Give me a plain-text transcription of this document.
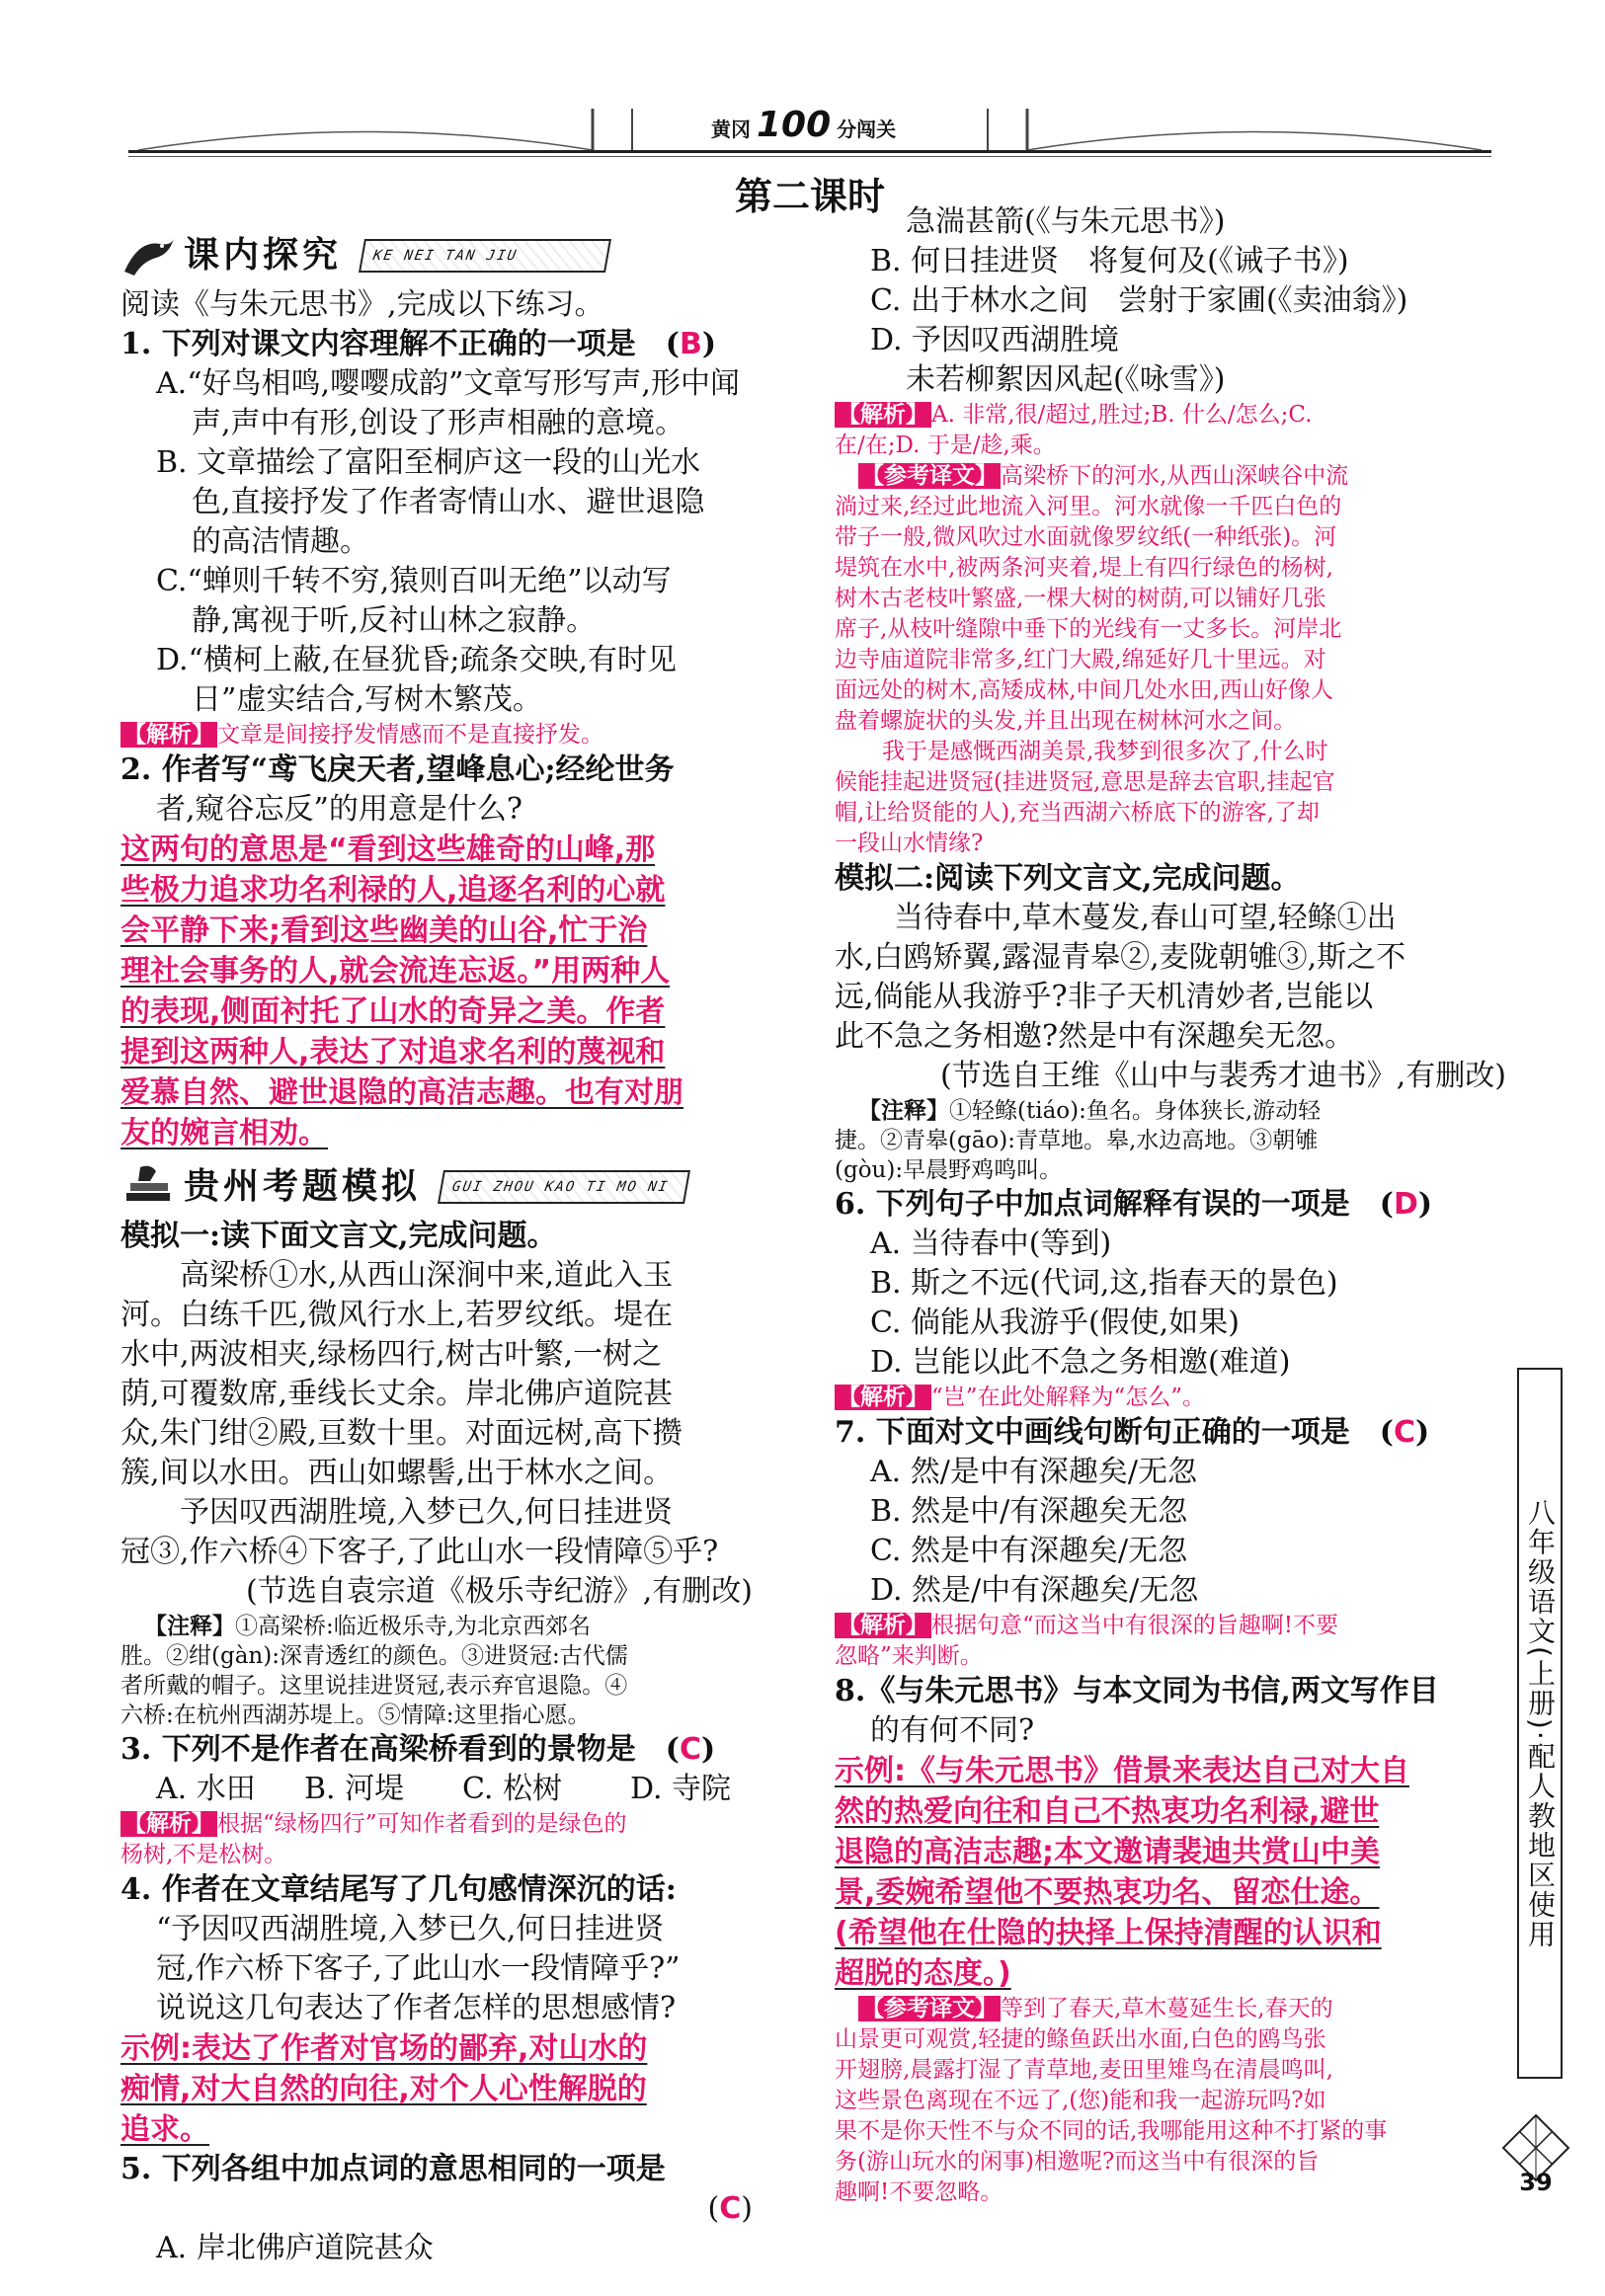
黄冈 100 分闯关
第二课时
课内探究	KE NEI TAN JIU
阅读《与朱元思书》,完成以下练习。
1. 下列对课文内容理解不正确的一项是　(B)
A.“好鸟相鸣,嘤嘤成韵”文章写形写声,形中闻
声,声中有形,创设了形声相融的意境。
B. 文章描绘了富阳至桐庐这一段的山光水
色,直接抒发了作者寄情山水、避世退隐
的高洁情趣。
C.“蝉则千转不穷,猿则百叫无绝”以动写
静,寓视于听,反衬山林之寂静。
D.“横柯上蔽,在昼犹昏;疏条交映,有时见
日”虚实结合,写树木繁茂。
【解析】 文章是间接抒发情感而不是直接抒发。
2. 作者写“鸢飞戾天者,望峰息心;经纶世务
者,窥谷忘反”的用意是什么?
这两句的意思是“看到这些雄奇的山峰,那
些极力追求功名利禄的人,追逐名利的心就
会平静下来;看到这些幽美的山谷,忙于治
理社会事务的人,就会流连忘返。”用两种人
的表现,侧面衬托了山水的奇异之美。作者
提到这两种人,表达了对追求名利的蔑视和
爱慕自然、避世退隐的高洁志趣。也有对朋
友的婉言相劝。
贵州考题模拟	GUI ZHOU KAO TI MO NI
模拟一:读下面文言文,完成问题。
高梁桥①水,从西山深涧中来,道此入玉
河。白练千匹,微风行水上,若罗纹纸。堤在
水中,两波相夹,绿杨四行,树古叶繁,一树之
荫,可覆数席,垂线长丈余。岸北佛庐道院甚
众,朱门绀②殿,亘数十里。对面远树,高下攒
簇,间以水田。西山如螺髻,出于林水之间。
予因叹西湖胜境,入梦已久,何日挂进贤
冠③,作六桥④下客子,了此山水一段情障⑤乎?
(节选自袁宗道《极乐寺纪游》,有删改)
【注释】①高梁桥:临近极乐寺,为北京西郊名
胜。②绀(gàn):深青透红的颜色。③进贤冠:古代儒
者所戴的帽子。这里说挂进贤冠,表示弃官退隐。④
六桥:在杭州西湖苏堤上。⑤情障:这里指心愿。
3. 下列不是作者在高梁桥看到的景物是　(C)
A. 水田 B. 河堤 C. 松树 D. 寺院
【解析】 根据“绿杨四行”可知作者看到的是绿色的
杨树,不是松树。
4. 作者在文章结尾写了几句感情深沉的话:
“予因叹西湖胜境,入梦已久,何日挂进贤
冠,作六桥下客子,了此山水一段情障乎?”
说说这几句表达了作者怎样的思想感情?
示例:表达了作者对官场的鄙弃,对山水的
痴情,对大自然的向往,对个人心性解脱的
追求。
5. 下列各组中加点词的意思相同的一项是
(C)
A. 岸北佛庐道院甚众
急湍甚箭(《与朱元思书》)
B. 何日挂进贤　将复何及(《诫子书》)
C. 出于林水之间　尝射于家圃(《卖油翁》)
D. 予因叹西湖胜境
未若柳絮因风起(《咏雪》)
【解析】 A. 非常,很/超过,胜过;B. 什么/怎么;C.
在/在;D. 于是/趁,乘。
【参考译文】 高梁桥下的河水,从西山深峡谷中流
淌过来,经过此地流入河里。河水就像一千匹白色的
带子一般,微风吹过水面就像罗纹纸(一种纸张)。河
堤筑在水中,被两条河夹着,堤上有四行绿色的杨树,
树木古老枝叶繁盛,一棵大树的树荫,可以铺好几张
席子,从枝叶缝隙中垂下的光线有一丈多长。河岸北
边寺庙道院非常多,红门大殿,绵延好几十里远。对
面远处的树木,高矮成林,中间几处水田,西山好像人
盘着螺旋状的头发,并且出现在树林河水之间。
我于是感慨西湖美景,我梦到很多次了,什么时
候能挂起进贤冠(挂进贤冠,意思是辞去官职,挂起官
帽,让给贤能的人),充当西湖六桥底下的游客,了却
一段山水情缘?
模拟二:阅读下列文言文,完成问题。
当待春中,草木蔓发,春山可望,轻鲦①出
水,白鸥矫翼,露湿青皋②,麦陇朝雊③,斯之不
远,倘能从我游乎?非子天机清妙者,岂能以
此不急之务相邀?然是中有深趣矣无忽。
(节选自王维《山中与裴秀才迪书》,有删改)
【注释】①轻鲦(tiáo):鱼名。身体狭长,游动轻
捷。②青皋(gāo):青草地。皋,水边高地。③朝雊
(gòu):早晨野鸡鸣叫。
6. 下列句子中加点词解释有误的一项是　(D)
A. 当待春中(等到)
B. 斯之不远(代词,这,指春天的景色)
C. 倘能从我游乎(假使,如果)
D. 岂能以此不急之务相邀(难道)
【解析】 “岂”在此处解释为“怎么”。
7. 下面对文中画线句断句正确的一项是　(C)
A. 然/是中有深趣矣/无忽
B. 然是中/有深趣矣无忽
C. 然是中有深趣矣/无忽
D. 然是/中有深趣矣/无忽
【解析】 根据句意“而这当中有很深的旨趣啊!不要
忽略”来判断。
8.《与朱元思书》与本文同为书信,两文写作目
的有何不同?
示例:《与朱元思书》借景来表达自己对大自
然的热爱向往和自己不热衷功名利禄,避世
退隐的高洁志趣;本文邀请裴迪共赏山中美
景,委婉希望他不要热衷功名、留恋仕途。
(希望他在仕隐的抉择上保持清醒的认识和
超脱的态度。)
【参考译文】 等到了春天,草木蔓延生长,春天的
山景更可观赏,轻捷的鲦鱼跃出水面,白色的鸥鸟张
开翅膀,晨露打湿了青草地,麦田里雉鸟在清晨鸣叫,
这些景色离现在不远了,(您)能和我一起游玩吗?如
果不是你天性不与众不同的话,我哪能用这种不打紧的事
务(游山玩水的闲事)相邀呢?而这当中有很深的旨
趣啊!不要忽略。
八年级语文(上册)·配人教地区使用
39
